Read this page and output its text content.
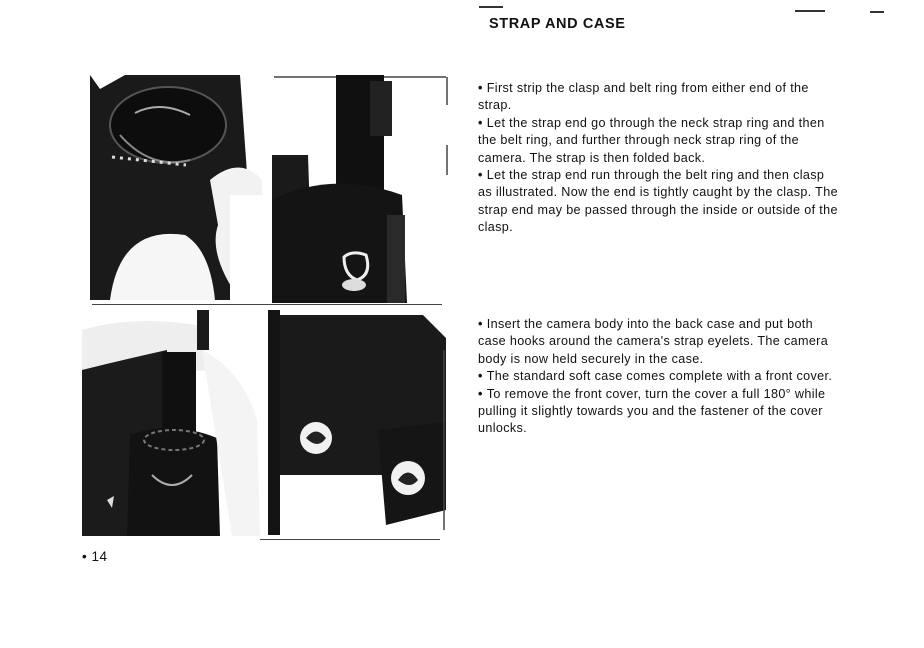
STRAP AND CASE
• First strip the clasp and belt ring from either end of the strap.
• Let the strap end go through the neck strap ring and then the belt ring, and further through neck strap ring of the camera. The strap is then folded back.
• Let the strap end run through the belt ring and then clasp as illustrated. Now the end is tightly caught by the clasp. The strap end may be passed through the inside or outside of the clasp.
• Insert the camera body into the back case and put both case hooks around the camera's strap eyelets. The camera body is now held securely in the case.
• The standard soft case comes complete with a front cover.
• To remove the front cover, turn the cover a full 180° while pulling it slightly towards you and the fastener of the cover unlocks.
• 14
